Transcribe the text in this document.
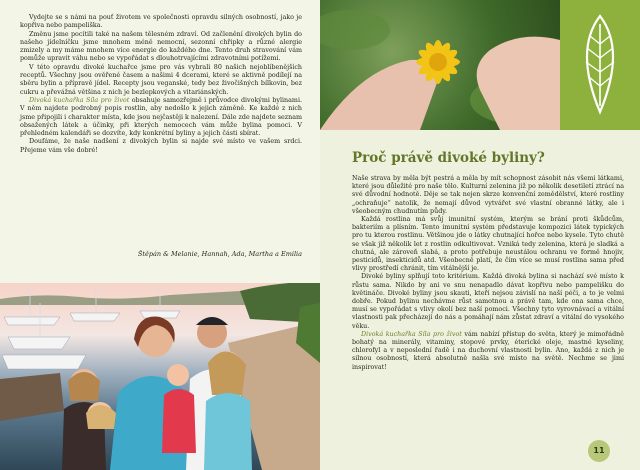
Vydejte se s námi na pouť životem ve společnosti opravdu silných osobností, jako je kopřiva nebo pampeliška.

Změnu jsme pocítili také na našem tělesném zdraví. Od začlenění divokých bylin do našeho jídelníčku jsme mnohem méně nemocní, sezonní chřipky a různé alergie zmizely a my máme mnohem více energie do každého dne. Tento druh stravování vám pomůže upravit váhu nebo se vypořádat s dlouhotrvajícími zdravotními potížemi.

V této opravdu divoké kuchařce jsme pro vás vybrali 80 našich nejoblíbenějších receptů. Všechny jsou ověřené časem a našimi 4 dcerami, které se aktivně podílejí na sběru bylin a přípravě jídel. Recepty jsou veganské, tedy bez živočišných bílkovin, bez cukru a převážná většina z nich je bezlepkových a vitariánských.

Divoká kuchařka Síla pro život obsahuje samozřejmě i průvodce divokými bylinami. V něm najdete podrobný popis rostlin, aby nedošlo k jejich záměně. Ke každé z nich jsme připojili i charakter místa, kde jsou nejčastěji k nalezení. Dále zde najdete seznam obsažených látek a účinky, při kterých nemocech vám může bylina pomoci. V přehledném kalendáři se dozvíte, kdy konkrétní byliny a jejich části sbírat.

Doufáme, že naše nadšení z divokých bylin si najde své místo ve vašem srdci. Přejeme vám vše dobré!

Štěpán & Melanie, Hannah, Ada, Martha a Emilia
Proč právě divoké byliny?

Naše strava by měla být pestrá a měla by mít schopnost zásobit nás všemi látkami, které jsou důležité pro naše tělo. Kulturní zelenina již po několik desetiletí ztrácí na své důvodní hodnotě. Děje se tak nejen skrze konvenční zemědělství, které rostliny „ochraňuje“ natolik, že nemají důvod vytvářet své vlastní obranné látky, ale i všeobecným chudnutím půdy.

Každá rostlina má svůj imunitní systém, kterým se brání proti škůdcům, bakteriím a plísním. Tento imunitní systém představuje kompozici látek typických pro tu kterou rostlinu. Většinou jde o látky chutnající hořce nebo kysele. Tyto chutě se však již několik let z rostlin odkultivovat. Vzniká tedy zelenina, která je sladká a chutná, ale zároveň slabá, a proto potřebuje neustálou ochranu ve formě hnojiv, pesticidů, insekticidů atd. Všeobecně platí, že čím více se musí rostlina sama před vlivy prostředí chránit, tím vitálnější je.

Divoké byliny splňují toto kritérium. Každá divoká bylina si nachází své místo k růstu sama. Nikdo by ani ve snu nenapadlo dávat kopřivu nebo pampelišku do květináče. Divoké byliny jsou skauti, kteří nejsou závislí na naší péči, a to je velmi dobře. Pokud bylinu nechávme růst samotnou a právě tam, kde ona sama chce, musí se vypořádat s vlivy okolí bez naší pomoci. Všechny tyto vyrovnávací a vitální vlastnosti pak přecházejí do nás a pomáhají nám zůstat zdraví a vitální do vysokého věku.

Divoká kuchařka Síla pro život vám nabízí přístup do světa, který je mimořádně bohatý na minerály, vitaminy, stopové prvky, éterické oleje, mastné kyseliny, chlorofyl a v neposlední řadě i na duchovní vlastnosti bylin. Ano, každá z nich je silnou osobností, která absolutně našla své místo na světě. Nechme se jimi inspirovat!

11
